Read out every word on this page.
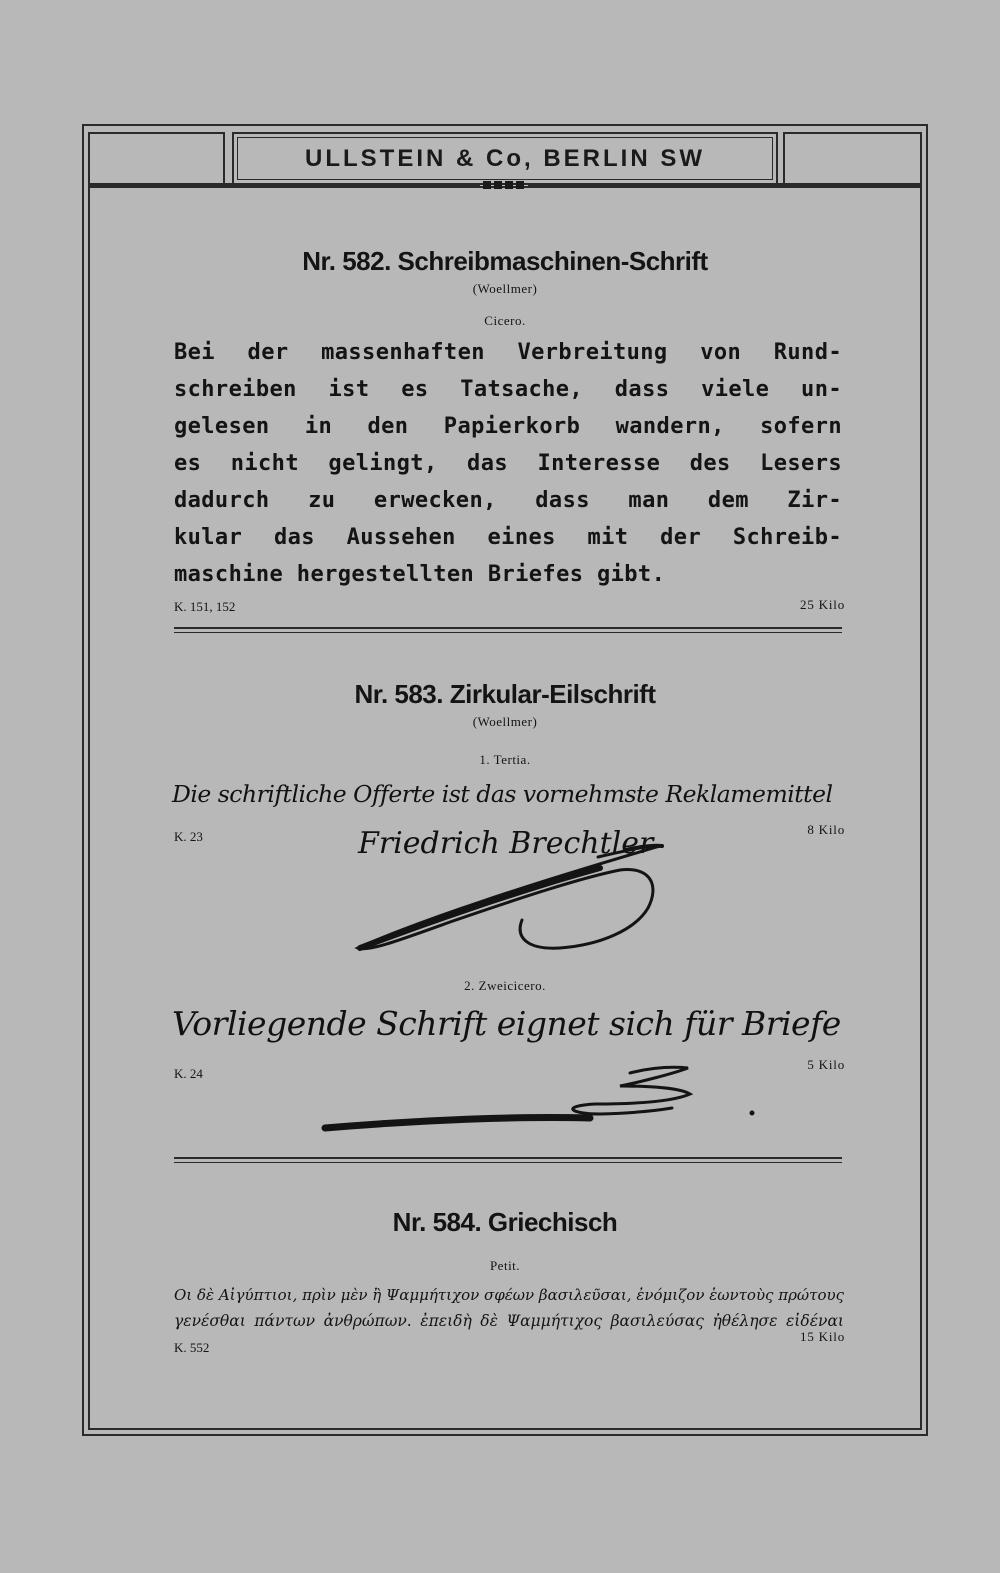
ULLSTEIN & Co, BERLIN SW
Nr. 582. Schreibmaschinen-Schrift
(Woellmer)
Cicero.
Bei der massenhaften Verbreitung von Rund-
schreiben ist es Tatsache, dass viele un-
gelesen in den Papierkorb wandern, sofern
es nicht gelingt, das Interesse des Lesers
dadurch zu erwecken, dass man dem Zir-
kular das Aussehen eines mit der Schreib-
maschine hergestellten Briefes gibt.
K. 151, 152	25 Kilo
Nr. 583. Zirkular-Eilschrift
(Woellmer)
1. Tertia.
Die schriftliche Offerte ist das vornehmste Reklamemittel
K. 23	8 Kilo
Friedrich Brechtler
2. Zweicicero.
Vorliegende Schrift eignet sich für Briefe
K. 24
5 Kilo
Nr. 584. Griechisch
Petit.
Οι δὲ Αἰγύπτιοι, πρὶν μὲν ἢ Ψαμμήτιχον σφέων βασιλεῦσαι, ἐνόμιζον ἑωντοὺς πρώτους
γενέσθαι πάντων ἀνθρώπων. ἐπειδὴ δὲ Ψαμμήτιχος βασιλεύσας ἠθέλησε εἰδέναι
15 Kilo
K. 552
